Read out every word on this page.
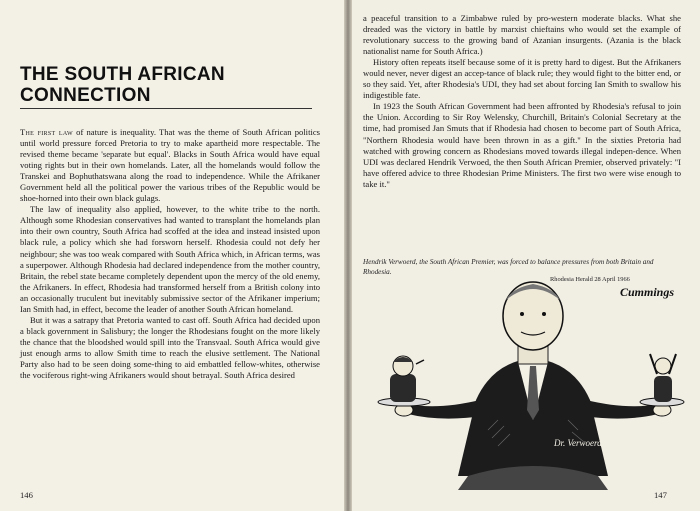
THE SOUTH AFRICAN
CONNECTION

The first law of nature is inequality. That was the theme of South African politics until world pressure forced Pretoria to try to make apartheid more respectable. The revised theme became 'separate but equal'. Blacks in South Africa would have equal voting rights but in their own homelands. Later, all the homelands would follow the Transkei and Bophuthatswana along the road to independence. While the Afrikaner Government held all the political power the various tribes of the Republic would be shoe-horned into their own black gulags.

The law of inequality also applied, however, to the white tribe to the north. Although some Rhodesian conservatives had wanted to transplant the homelands plan into their own country, South Africa had scoffed at the idea and instead insisted upon black rule, a policy which she had forsworn herself. Rhodesia could not defy her neighbour; she was too weak compared with South Africa which, in African terms, was a superpower. Although Rhodesia had declared independence from the mother country, Britain, the rebel state became completely dependent upon the mercy of the old enemy, the Afrikaners. In effect, Rhodesia had transformed herself from a British colony into an occasionally truculent but inevitably submissive sector of the Afrikaner imperium; Ian Smith had, in effect, become the leader of another South African homeland.

But it was a satrapy that Pretoria wanted to cast off. South Africa had decided upon a black government in Salisbury; the longer the Rhodesians fought on the more likely the chance that the bloodshed would spill into the Transvaal. South Africa would give just enough arms to allow Smith time to reach the elusive settlement. The National Party also had to be seen doing some-thing to aid embattled fellow-whites, otherwise the vociferous right-wing Afrikaners would shout betrayal. South Africa desired

146

a peaceful transition to a Zimbabwe ruled by pro-western moderate blacks. What she dreaded was the victory in battle by marxist chieftains who would set the example of revolutionary success to the growing band of Azanian insurgents. (Azania is the black nationalist name for South Africa.)

History often repeats itself because some of it is pretty hard to digest. But the Afrikaners would never, never digest an accep-tance of black rule; they would fight to the bitter end, or so they said. Yet, after Rhodesia's UDI, they had set about forcing Ian Smith to swallow his indigestible fate.

In 1923 the South African Government had been affronted by Rhodesia's refusal to join the Union. According to Sir Roy Welensky, Churchill, Britain's Colonial Secretary at the time, had promised Jan Smuts that if Rhodesia had chosen to become part of South Africa, "Northern Rhodesia would have been thrown in as a gift." In the sixties Pretoria had watched with growing concern as Rhodesians moved towards illegal indepen-dence. When UDI was declared Hendrik Verwoed, the then South African Premier, observed privately: "I have offered advice to three Rhodesian Prime Ministers. The first two were wise enough to take it."

Hendrik Verwoerd, the South African Premier, was forced to balance pressures from both Britain and Rhodesia.
Rhodesia Herald 28 April 1966
Cummings
Dr. Verwoerd
147
